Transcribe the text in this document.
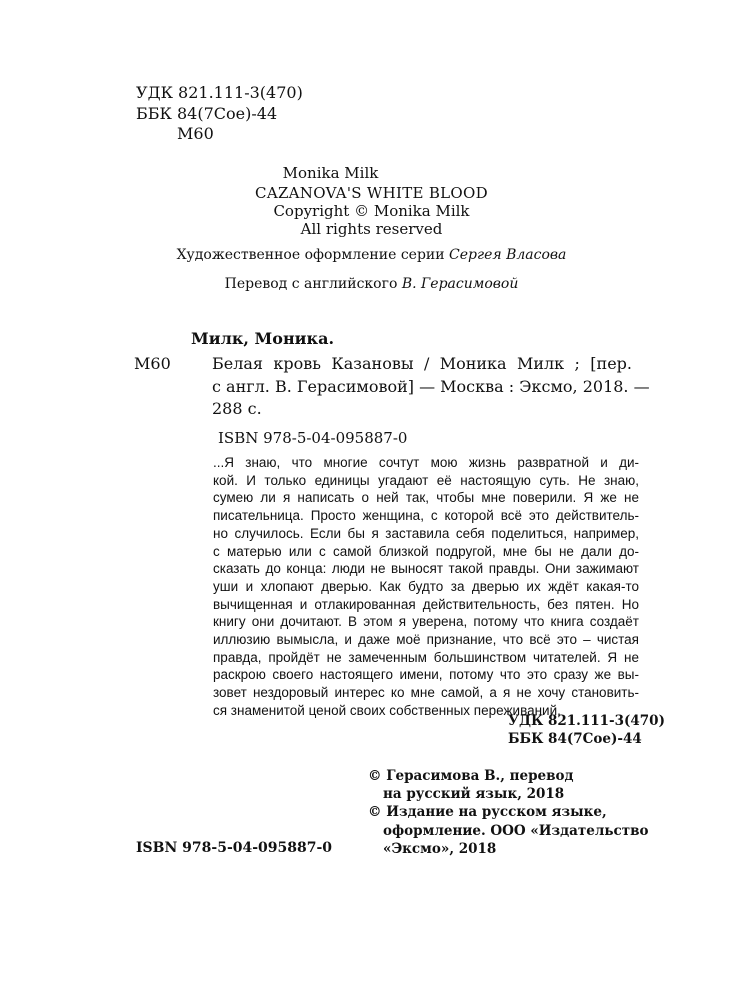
УДК 821.111-3(470)
ББК 84(7Сое)-44
М60
Monika Milk
CAZANOVA'S WHITE BLOOD
Copyright © Monika Milk
All rights reserved
Художественное оформление серии Сергея Власова
Перевод с английского В. Герасимовой
Милк, Моника.
М60	Белая кровь Казановы / Моника Милк ; [пер.
с англ. В. Герасимовой] — Москва : Эксмо, 2018. —
288 с.
ISBN 978-5-04-095887-0
...Я знаю, что многие сочтут мою жизнь развратной и ди-
кой. И только единицы угадают её настоящую суть. Не знаю,
сумею ли я написать о ней так, чтобы мне поверили. Я же не
писательница. Просто женщина, с которой всё это действитель-
но случилось. Если бы я заставила себя поделиться, например,
с матерью или с самой близкой подругой, мне бы не дали до-
сказать до конца: люди не выносят такой правды. Они зажимают
уши и хлопают дверью. Как будто за дверью их ждёт какая-то
вычищенная и отлакированная действительность, без пятен. Но
книгу они дочитают. В этом я уверена, потому что книга создаёт
иллюзию вымысла, и даже моё признание, что всё это – чистая
правда, пройдёт не замеченным большинством читателей. Я не
раскрою своего настоящего имени, потому что это сразу же вы-
зовет нездоровый интерес ко мне самой, а я не хочу становить-
ся знаменитой ценой своих собственных переживаний.
УДК 821.111-3(470)
ББК 84(7Сое)-44
© Герасимова В., перевод
на русский язык, 2018
© Издание на русском языке,
оформление. ООО «Издательство
«Эксмо», 2018
ISBN 978-5-04-095887-0
